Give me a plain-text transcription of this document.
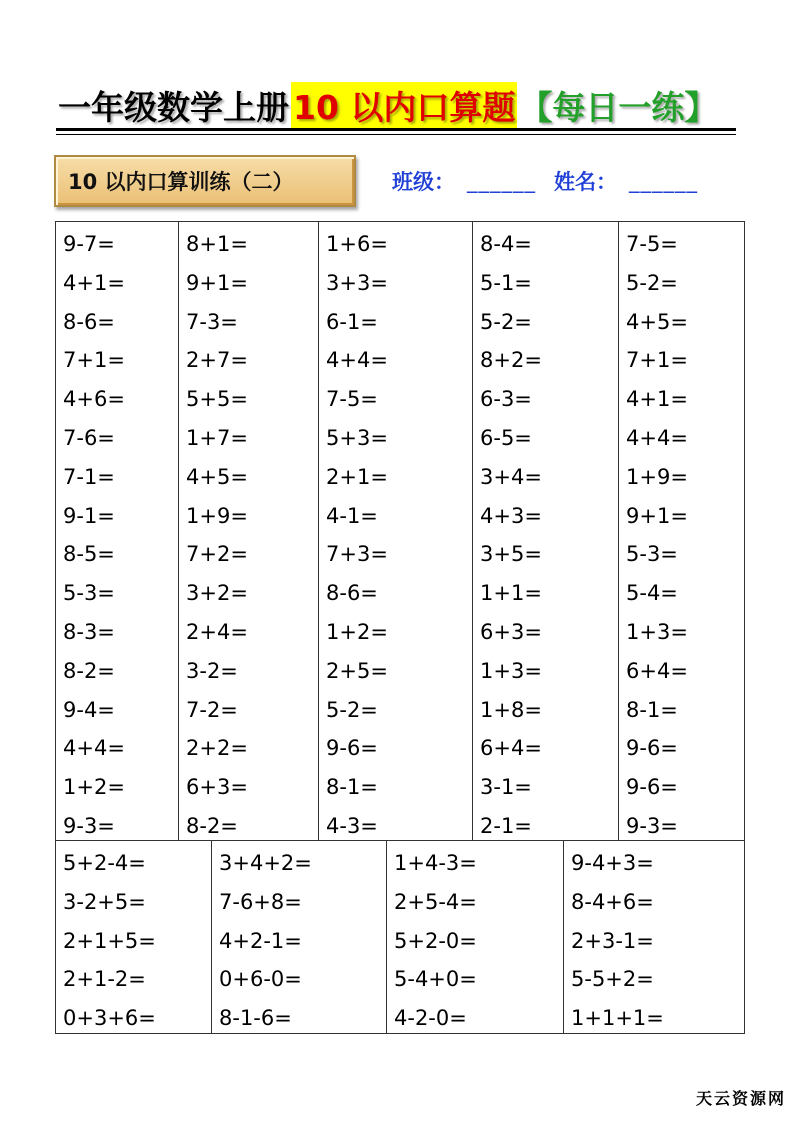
一年级数学上册 10 以内口算题 【每日一练】
10 以内口算训练（二）	班级： ______ 姓名： ______
9-7=
4+1=
8-6=
7+1=
4+6=
7-6=
7-1=
9-1=
8-5=
5-3=
8-3=
8-2=
9-4=
4+4=
1+2=
9-3=
8+1=
9+1=
7-3=
2+7=
5+5=
1+7=
4+5=
1+9=
7+2=
3+2=
2+4=
3-2=
7-2=
2+2=
6+3=
8-2=
1+6=
3+3=
6-1=
4+4=
7-5=
5+3=
2+1=
4-1=
7+3=
8-6=
1+2=
2+5=
5-2=
9-6=
8-1=
4-3=
8-4=
5-1=
5-2=
8+2=
6-3=
6-5=
3+4=
4+3=
3+5=
1+1=
6+3=
1+3=
1+8=
6+4=
3-1=
2-1=
7-5=
5-2=
4+5=
7+1=
4+1=
4+4=
1+9=
9+1=
5-3=
5-4=
1+3=
6+4=
8-1=
9-6=
9-6=
9-3=
5+2-4=
3-2+5=
2+1+5=
2+1-2=
0+3+6=
3+4+2=
7-6+8=
4+2-1=
0+6-0=
8-1-6=
1+4-3=
2+5-4=
5+2-0=
5-4+0=
4-2-0=
9-4+3=
8-4+6=
2+3-1=
5-5+2=
1+1+1=
天云资源网
